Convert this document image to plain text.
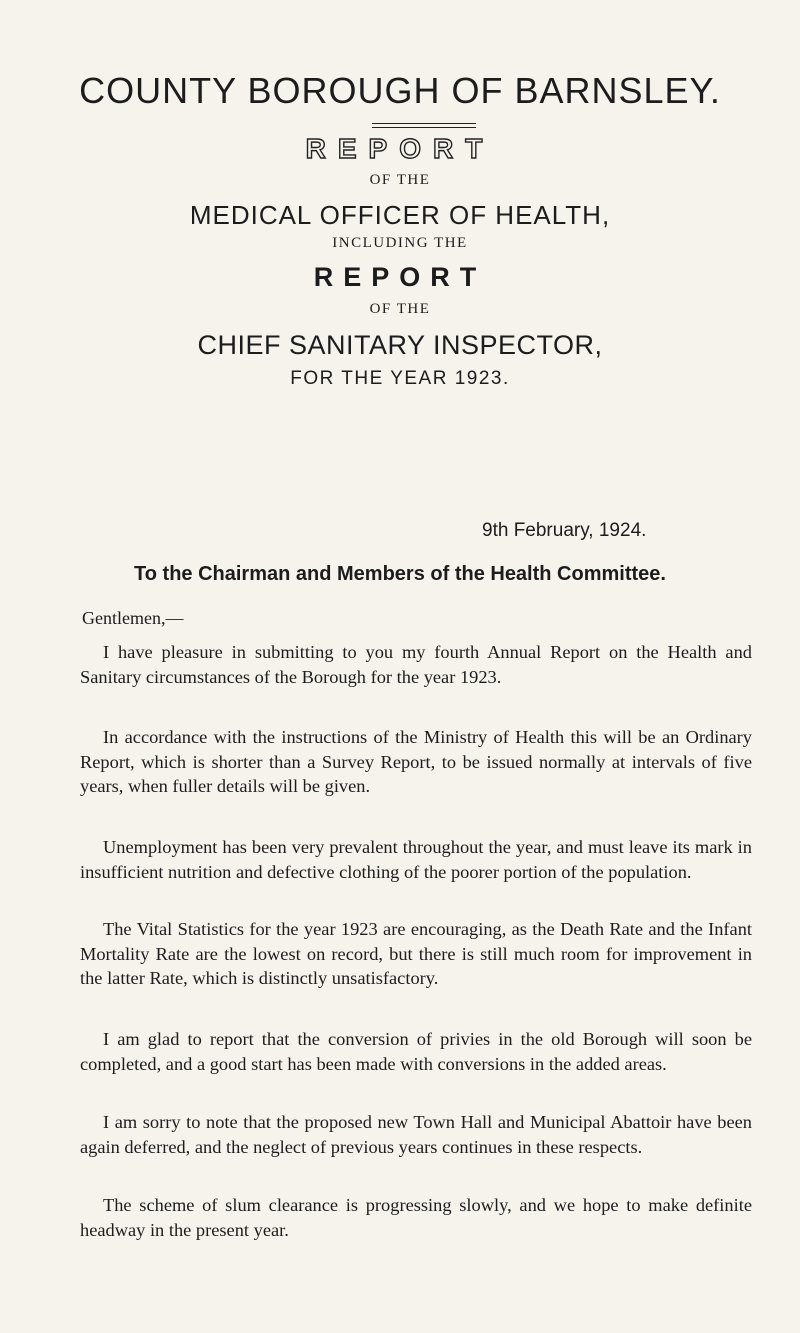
COUNTY BOROUGH OF BARNSLEY.
REPORT
OF THE
MEDICAL OFFICER OF HEALTH,
INCLUDING THE
REPORT
OF THE
CHIEF SANITARY INSPECTOR,
FOR THE YEAR 1923.
9th February, 1924.
To the Chairman and Members of the Health Committee.
Gentlemen,—
I have pleasure in submitting to you my fourth Annual Report on the Health and Sanitary circumstances of the Borough for the year 1923.
In accordance with the instructions of the Ministry of Health this will be an Ordinary Report, which is shorter than a Survey Report, to be issued normally at intervals of five years, when fuller details will be given.
Unemployment has been very prevalent throughout the year, and must leave its mark in insufficient nutrition and defective clothing of the poorer portion of the population.
The Vital Statistics for the year 1923 are encouraging, as the Death Rate and the Infant Mortality Rate are the lowest on record, but there is still much room for improvement in the latter Rate, which is distinctly unsatisfactory.
I am glad to report that the conversion of privies in the old Borough will soon be completed, and a good start has been made with conversions in the added areas.
I am sorry to note that the proposed new Town Hall and Municipal Abattoir have been again deferred, and the neglect of previous years continues in these respects.
The scheme of slum clearance is progressing slowly, and we hope to make definite headway in the present year.
